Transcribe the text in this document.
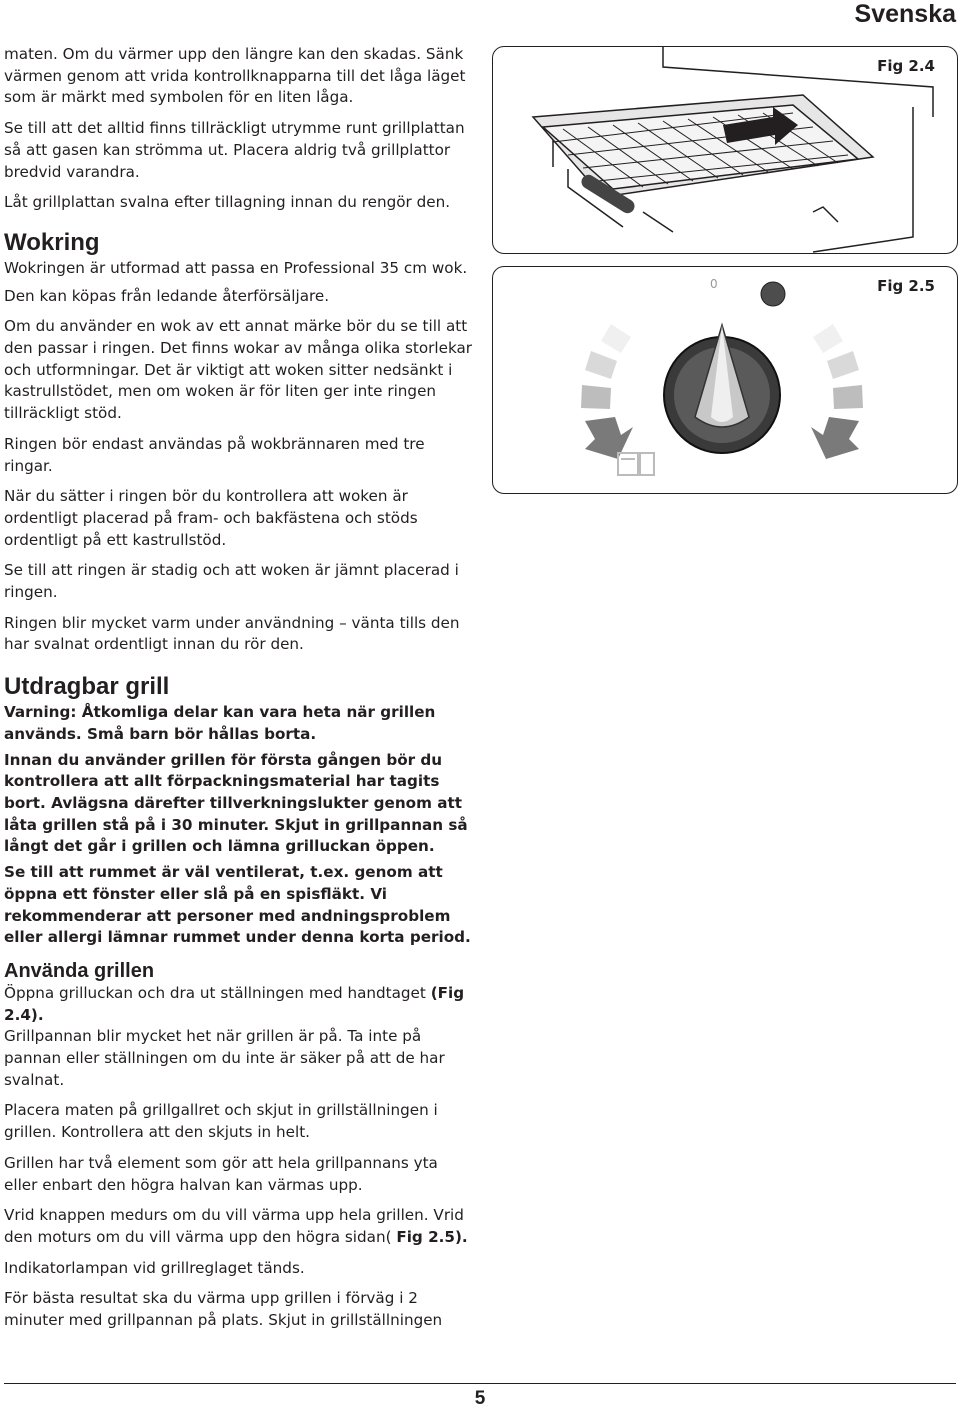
Svenska

maten. Om du värmer upp den längre kan den skadas. Sänk värmen genom att vrida kontrollknapparna till det låga läget som är märkt med symbolen för en liten låga.

Se till att det alltid finns tillräckligt utrymme runt grillplattan så att gasen kan strömma ut. Placera aldrig två grillplattor bredvid varandra.

Låt grillplattan svalna efter tillagning innan du rengör den.

Wokring

Wokringen är utformad att passa en Professional 35 cm wok.

Den kan köpas från ledande återförsäljare.

Om du använder en wok av ett annat märke bör du se till att den passar i ringen. Det finns wokar av många olika storlekar och utformningar. Det är viktigt att woken sitter nedsänkt i kastrullstödet, men om woken är för liten ger inte ringen tillräckligt stöd.

Ringen bör endast användas på wokbrännaren med tre ringar.

När du sätter i ringen bör du kontrollera att woken är ordentligt placerad på fram- och bakfästena och stöds ordentligt på ett kastrullstöd.

Se till att ringen är stadig och att woken är jämnt placerad i ringen.

Ringen blir mycket varm under användning – vänta tills den har svalnat ordentligt innan du rör den.

Utdragbar grill

Varning: Åtkomliga delar kan vara heta när grillen används. Små barn bör hållas borta.

Innan du använder grillen för första gången bör du kontrollera att allt förpackningsmaterial har tagits bort. Avlägsna därefter tillverkningslukter genom att låta grillen stå på i 30 minuter. Skjut in grillpannan så långt det går i grillen och lämna grilluckan öppen.

Se till att rummet är väl ventilerat, t.ex. genom att öppna ett fönster eller slå på en spisfläkt. Vi rekommenderar att personer med andningsproblem eller allergi lämnar rummet under denna korta period.

Använda grillen

Öppna grilluckan och dra ut ställningen med handtaget (Fig 2.4).
Grillpannan blir mycket het när grillen är på. Ta inte på pannan eller ställningen om du inte är säker på att de har svalnat.

Placera maten på grillgallret och skjut in grillställningen i grillen. Kontrollera att den skjuts in helt.

Grillen har två element som gör att hela grillpannans yta eller enbart den högra halvan kan värmas upp.

Vrid knappen medurs om du vill värma upp hela grillen. Vrid den moturs om du vill värma upp den högra sidan( Fig 2.5).

Indikatorlampan vid grillreglaget tänds.

För bästa resultat ska du värma upp grillen i förväg i 2 minuter med grillpannan på plats. Skjut in grillställningen

Fig 2.4
Fig 2.5
0
5
